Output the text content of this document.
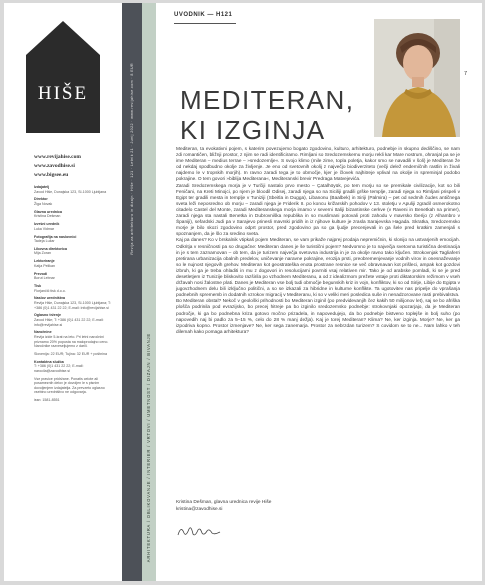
HIŠE
www.revijahise.com
www.zavodhise.si
www.bigsee.eu
Izdajatelj
Zavod Hiše, Dunajska 123, SI-1000 Ljubljana
Direktor
Žiga Novak
Glavna urednica
Kristina Dešman
Izvršni urednik
Luka Vidmar
Fotografija na naslovnici
Tadeja Lužar
Likovna direktorica
Mija Zoran
Lektoriranje
Katja Pelikan
Prevodi
Borut Lebnar
Tisk
Florjančič tisk d.o.o.
Naslov uredništva
Revija Hiše, Dunajska 123, SI-1000 Ljubljana; T: +386 (0)1 431 22 22; E-mail: info@revijahise.si
Oglasno trženje
Zavod Hiše; T: +386 (0)1 431 22 22; E-mail: info@revijahise.si
Naročnine
Revija izide 5-krat na leto. Pri letni naročnini priznamo 20% popusta na maloprodajno ceno. Naročnike razveseljujemo z darili.
Slovenija: 22 EUR; Tujina: 32 EUR + poštnina
Kontaktna služba
T: +386 (0)1 431 22 22; E-mail: narocila@zavodhise.si
Vse pravice pridržane. Ponatis celote ali posameznih delov je dovoljen le s pisnim dovoljenjem izdajatelja. Za prevzeto oglasno vsebino uredništvo ne odgovarja.
issn: 1581-8551
Revija za arhitekturo in dizajn · Hiše · 121 · Letnik 21 · Junij 2022 · www.revijahise.com · 8 EUR
ARHITEKTURA / OBLIKOVANJE / INTERIER / VRTOVI / UMETNOST / DIZAJN / BIVANJE
UVODNIK — H121
7
MEDITERAN,
KI IZGINJA

Mediteran, ta evokativni pojem, s katerim povezujemo bogato zgodovino, kulturo, arhitekturo, podnebje in skupno dediščino, se nam zdi romantičen, bližnji prostor, z njim se radi identificiramo. Rimljani so Sredozemskemu morju rekli kar Mare nostrum, ohranjal pa se je ime Mediteran – medius terrae – »sredozemlje«. S svojo klimo (mile zime, topla poletja, kakor smo se navadili v šoli) je Mediteran že od nekdaj spodbudno okolje za življenje. Je eno od svetovnih okolij z največjo biodiverziteto (večji delež endemičnih rastlin in živali najdemo le v tropskih morjih). In ravno zaradi tega je to območje, kjer je človek najhitreje vplival na okolje in spreminjal podobo pokrajine. O tem govori »biblija Mediterana«, Mediteranski brevir Predraga Matvejevića.

Zaradi Sredozemskega morja je v Turčiji nastalo prvo mesto – Çatalhöyük, po tem morju so se premikale civilizacije, kot so bili Feničani, na Kreti Minojci, po njem je bloodil Odisej, zaradi njega so na Siciliji gradili grške templje, zaradi njega so Rimljani prispeli v Egipt ter gradili mesta in templje v Tuniziji (Sbeitla in Dugga), Libanonu (Baalbek) in Siriji (Palmira) – pet od sedmih čudes antičnega sveta leži neposredno ob morju – zaradi njega je Friderik II. po koncu križarskih pohodov v 13. stoletju v Apuliji zgradil osmerokotno citadelo Castel del Monte, zaradi Mediteranskega morja imamo v severni Italiji bizantinske cerkve (v Raveni in Benetkah na primer), zaradi njega sta nastali Benetka in Dubrovniška republika in so muslimani potovali proti zahodu v mavrsko Iberijo (z Alhambro v Španiji), sefardski Judi pa v Sarajevo prinesli mavrski pridih in iz njihove kulture je zrasla Sarajevska Hagada. Skratka, Sredozemsko morje je bilo skozi zgodovino odprt prostor, pred zgodovino pa so ga ljudje precenjevali in ga šele pred kratkim zamenjali s spoznanjem, da je šlo za sredino sveta.

Kaj pa danes? Ko v brskalnik vtipkaš pojem Mediteran, se vam prikaže najprej prodaja nepremičnin, ki slonijo na ustvarjenih emocijah. Odkritja v resničnosti pa so drugačne: Mediteran danes je še turistični pojem? Nedvomno je to največja svetovna turistična destinacija in je s tem zaznamovan – ob tem, da je turizem največja svetovna industrija in je za okolje ravno tako ključen. Strokovnjak Tagliaferri pretirana urbanizacija obalnih predelov, uničevanje naravne pokrajine, erozija prsti, preobremenjevanje vodnih virov in onesnaževanje so le nujnost njegovih grehov. Mediteran kot geostrateška enota prostrane resnice se več obravnavan kot prišleci, ampak kot gozdovi izbruh, ki ga je treba ohladiti in mu z dogovori in resolucijami povrniti vsaj relativen mir. Tako je od arabske pomladi, ki se je pred desetletjem iz Tunizije bliskovito razširila po vzhodnem Mediteranu, a od z idealizmom prežete vstaje proti diktatorskim režimom v vseh državah nosi žalostne plati. Danes je Mediteran vse bolj tudi območje begunskih kriz in vojn, konfliktov, ki so od Sirije, Libije do Egipta v jugovzhodnem delu bili izključno politični, a so se izkazali za hibridne in kulturne konflikte. Ta ugotovitev nas pripelje do vprašanja podnebnih sprememb in dodatnih vzrokov migracij v Mediteranu, ki so v veliki meri posledica suše in nenadzorovane rasti prebivalstva.

Bo Mediteran obstal? Nekoč v geološki prihodnosti bo Mediteran izginil (po predvidevanjih čez kakih 50 milijonov let), saj se bo afriška plošča podrinila pod evrazijsko, bo precej hitreje pa bo izginilo sredozemsko podnebje: strokovnjaki opozarjajo, da je Mediteran področje, ki ga bo podnebna kriza gotovo močno prizadela, in napovedujejo, da bo podnebje bistveno toplejše in bolj suho (po napovedih naj bi padlo za 5–15 %, celo do 28 % manj dežja). Kaj je torej Mediteran? Klima? Ne, ker izginja. Morje? Ne, ker ga izpodriva kopno. Prostor izmenjave? Ne, ker sega zanemarja. Prostor za nebrzdan turizem? S covidom se to ne... Nam lahko v teh dilemah kako pomaga arhitektura?

Kristina Dešman, glavna urednica revije Hiše
kristina@zavodhise.si
